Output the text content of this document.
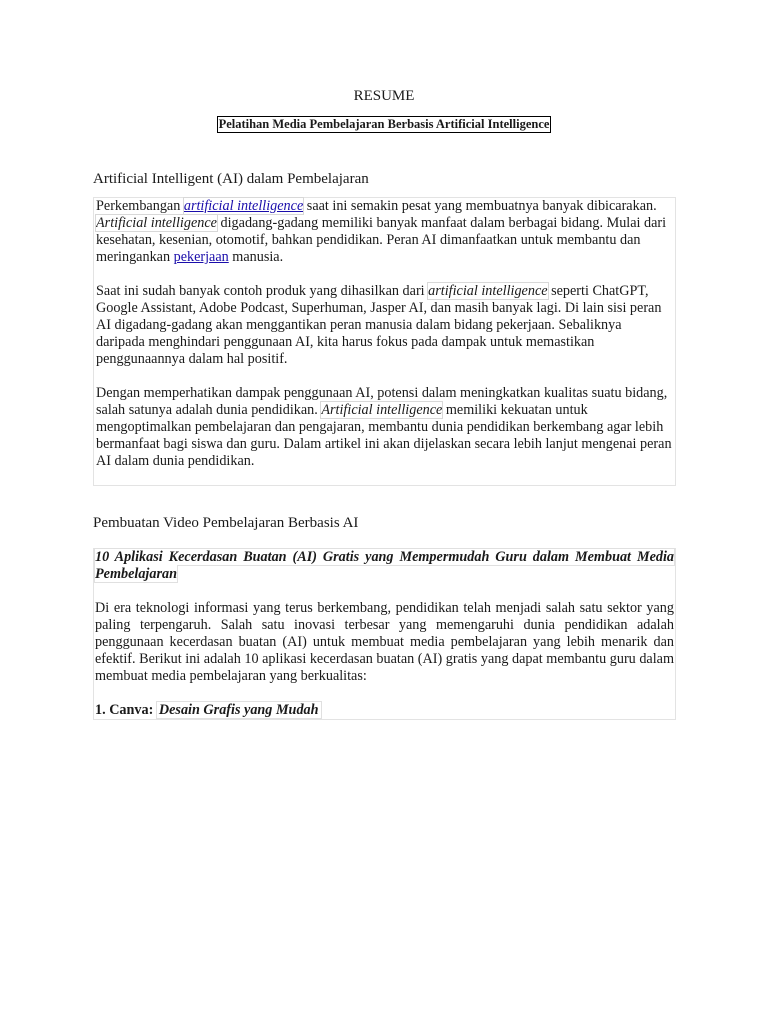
RESUME
Pelatihan Media Pembelajaran Berbasis Artificial Intelligence
Artificial Intelligent (AI) dalam Pembelajaran

Perkembangan artificial intelligence saat ini semakin pesat yang membuatnya banyak dibicarakan. Artificial intelligence digadang-gadang memiliki banyak manfaat dalam berbagai bidang. Mulai dari kesehatan, kesenian, otomotif, bahkan pendidikan. Peran AI dimanfaatkan untuk membantu dan meringankan pekerjaan manusia.

Saat ini sudah banyak contoh produk yang dihasilkan dari artificial intelligence seperti ChatGPT, Google Assistant, Adobe Podcast, Superhuman, Jasper AI, dan masih banyak lagi. Di lain sisi peran AI digadang-gadang akan menggantikan peran manusia dalam bidang pekerjaan. Sebaliknya daripada menghindari penggunaan AI, kita harus fokus pada dampak untuk memastikan penggunaannya dalam hal positif.

Dengan memperhatikan dampak penggunaan AI, potensi dalam meningkatkan kualitas suatu bidang, salah satunya adalah dunia pendidikan. Artificial intelligence memiliki kekuatan untuk mengoptimalkan pembelajaran dan pengajaran, membantu dunia pendidikan berkembang agar lebih bermanfaat bagi siswa dan guru. Dalam artikel ini akan dijelaskan secara lebih lanjut mengenai peran AI dalam dunia pendidikan.

Pembuatan Video Pembelajaran Berbasis AI

10 Aplikasi Kecerdasan Buatan (AI) Gratis yang Mempermudah Guru dalam Membuat Media Pembelajaran

Di era teknologi informasi yang terus berkembang, pendidikan telah menjadi salah satu sektor yang paling terpengaruh. Salah satu inovasi terbesar yang memengaruhi dunia pendidikan adalah penggunaan kecerdasan buatan (AI) untuk membuat media pembelajaran yang lebih menarik dan efektif. Berikut ini adalah 10 aplikasi kecerdasan buatan (AI) gratis yang dapat membantu guru dalam membuat media pembelajaran yang berkualitas:

1. Canva: Desain Grafis yang Mudah
